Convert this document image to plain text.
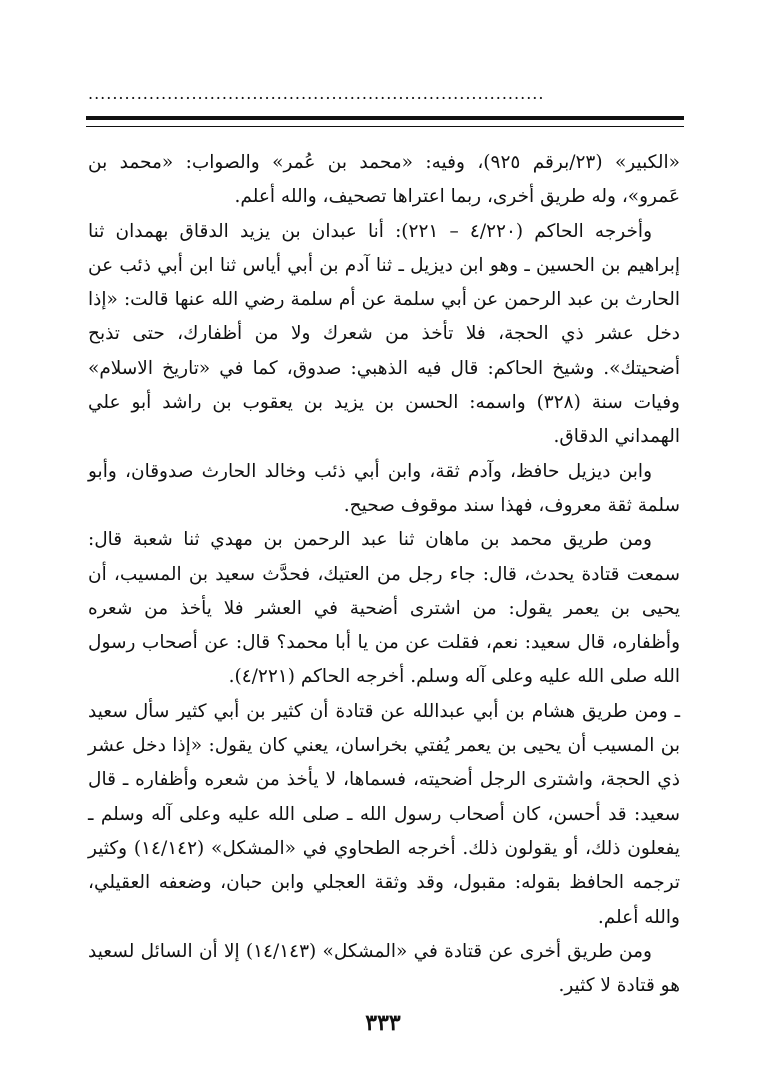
...........................................................................

«الكبير» (٢٣/برقم ٩٢٥)، وفيه: «محمد بن عُمر» والصواب: «محمد بن عَمرو»، وله طريق أخرى، ربما اعتراها تصحيف، والله أعلم.

وأخرجه الحاكم (٤/٢٢٠ – ٢٢١): أنا عبدان بن يزيد الدقاق بهمدان ثنا إبراهيم بن الحسين ـ وهو ابن ديزيل ـ ثنا آدم بن أبي أياس ثنا ابن أبي ذئب عن الحارث بن عبد الرحمن عن أبي سلمة عن أم سلمة رضي الله عنها قالت: «إذا دخل عشر ذي الحجة، فلا تأخذ من شعرك ولا من أظفارك، حتى تذبح أضحيتك». وشيخ الحاكم: قال فيه الذهبي: صدوق، كما في «تاريخ الاسلام» وفيات سنة (٣٢٨) واسمه: الحسن بن يزيد بن يعقوب بن راشد أبو علي الهمداني الدقاق.

وابن ديزيل حافظ، وآدم ثقة، وابن أبي ذئب وخالد الحارث صدوقان، وأبو سلمة ثقة معروف، فهذا سند موقوف صحيح.

ومن طريق محمد بن ماهان ثنا عبد الرحمن بن مهدي ثنا شعبة قال: سمعت قتادة يحدث، قال: جاء رجل من العتيك، فحدَّث سعيد بن المسيب، أن يحيى بن يعمر يقول: من اشترى أضحية في العشر فلا يأخذ من شعره وأظفاره، قال سعيد: نعم، فقلت عن من يا أبا محمد؟ قال: عن أصحاب رسول الله صلى الله عليه وعلى آله وسلم. أخرجه الحاكم (٤/٢٢١).

ـ ومن طريق هشام بن أبي عبدالله عن قتادة أن كثير بن أبي كثير سأل سعيد بن المسيب أن يحيى بن يعمر يُفتي بخراسان، يعني كان يقول: «إذا دخل عشر ذي الحجة، واشترى الرجل أضحيته، فسماها، لا يأخذ من شعره وأظفاره ـ قال سعيد: قد أحسن، كان أصحاب رسول الله ـ صلى الله عليه وعلى آله وسلم ـ يفعلون ذلك، أو يقولون ذلك. أخرجه الطحاوي في «المشكل» (١٤/١٤٢) وكثير ترجمه الحافظ بقوله: مقبول، وقد وثقة العجلي وابن حبان، وضعفه العقيلي، والله أعلم.

ومن طريق أخرى عن قتادة في «المشكل» (١٤/١٤٣) إلا أن السائل لسعيد هو قتادة لا كثير.

٣٣٣
